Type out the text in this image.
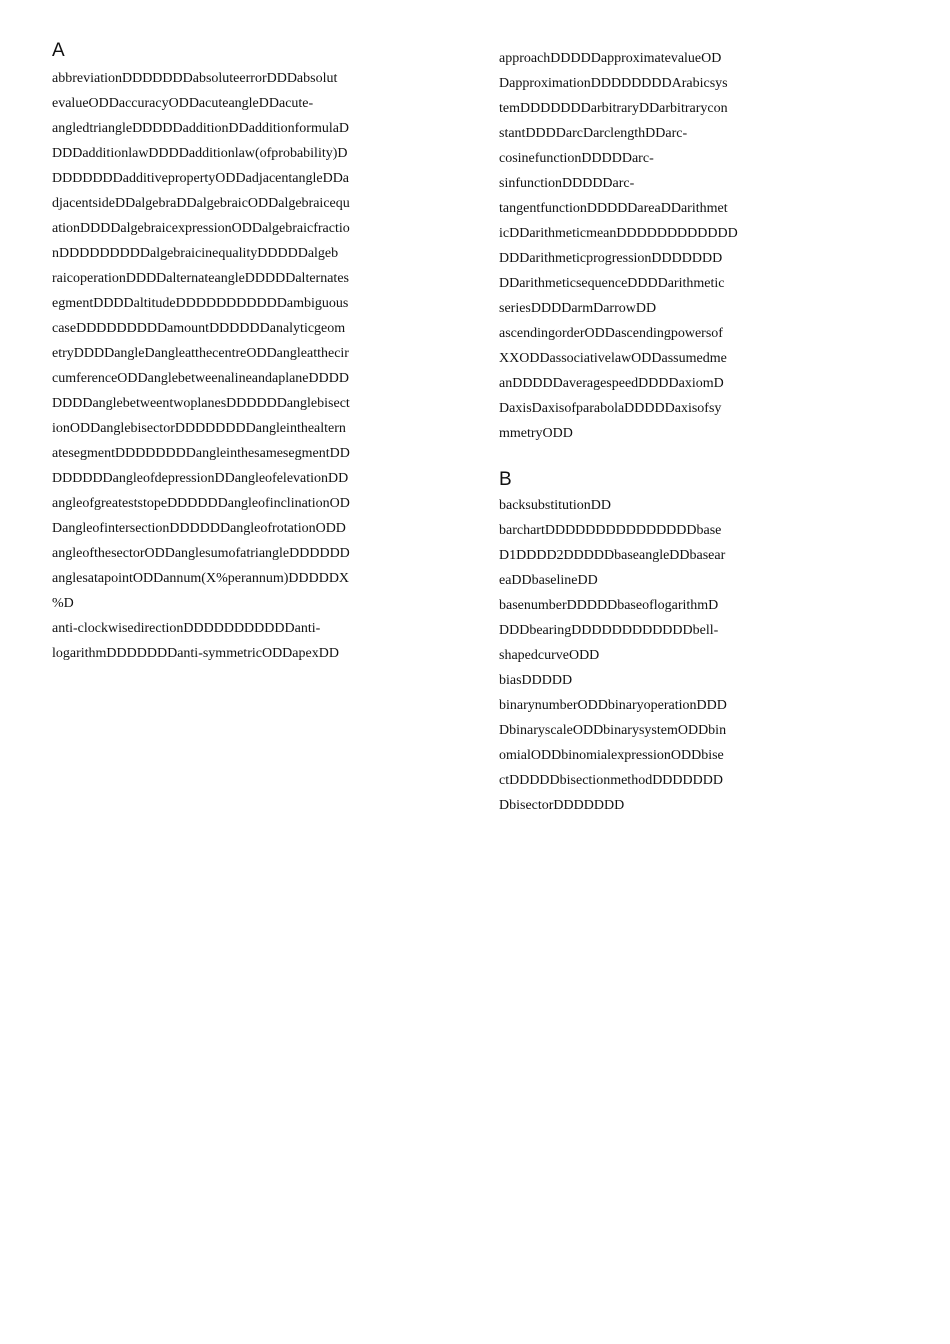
A
abbreviationDDDDDDDabsoluteerrorDDDabsolut
evalueODDaccuracyODDacuteangleDDacute-
angledtriangleDDDDDadditionDDadditionformulaD
DDDadditionlawDDDDadditionlaw(ofprobability)D
DDDDDDDadditivepropertyODDadjacentangleDDa
djacentsideDDalgebraDDalgebraicODDalgebraicequ
ationDDDDalgebraicexpressionODDalgebraicfractio
nDDDDDDDDDalgebraicinequalityDDDDDalgeb
raicoperationDDDDalternateangleDDDDDalternates
egmentDDDDaltitudeDDDDDDDDDDDambiguous
caseDDDDDDDDDamountDDDDDDanalyticgeom
etryDDDDangleDangleatthecentreODDangleatthecir
cumferenceODDanglebetweenalineandaplaneDDDD
DDDDanglebetweentwoplanesDDDDDDanglebisect
ionODDanglebisectorDDDDDDDDangleinthealtern
atesegmentDDDDDDDDangleinthesamesegmentDD
DDDDDDangleofdepressionDDangleofelevationDD
angleofgreateststopeDDDDDDangleofinclinationOD
DangleofintersectionDDDDDDangleofrotationODD
angleofthesectorODDanglesumofatriangleDDDDDD
anglesatapointODDannum(X%perannum)DDDDDX
%D
anti-clockwisedirectionDDDDDDDDDDDanti-
logarithmDDDDDDDanti-symmetricODDapexDD
approachDDDDDapproximatevalueOD
DapproximationDDDDDDDDArabicsys
temDDDDDDDarbitraryDDarbitrarycon
stantDDDDarcDarclengthDDarc-
cosinefunctionDDDDDarc-
sinfunctionDDDDDarc-
tangentfunctionDDDDDareaDDarithmet
icDDarithmeticmeanDDDDDDDDDDDD
DDDarithmeticprogressionDDDDDDD
DDarithmeticsequenceDDDDarithmetic
seriesDDDDarmDarrowDD
ascendingorderODDascendingpowersof
XXODDassociativelawODDassumedme
anDDDDDaveragespeedDDDDaxiomD
DaxisDaxisofparabolaDDDDDaxisofsy
mmetryODD
B
backsubstitutionDD
barchartDDDDDDDDDDDDDDDbase
D1DDDD2DDDDDbaseangleDDbasear
eaDDbaselineDD
basenumberDDDDDbaseoflogarithmD
DDDbearingDDDDDDDDDDDDbell-
shapedcurveODD
biasDDDDD
binarynumberODDbinaryoperationDDD
DbinaryscaleODDbinarysystemODDbin
omialODDbinomialexpressionODDbise
ctDDDDDbisectionmethodDDDDDDD
DbisectorDDDDDDD
